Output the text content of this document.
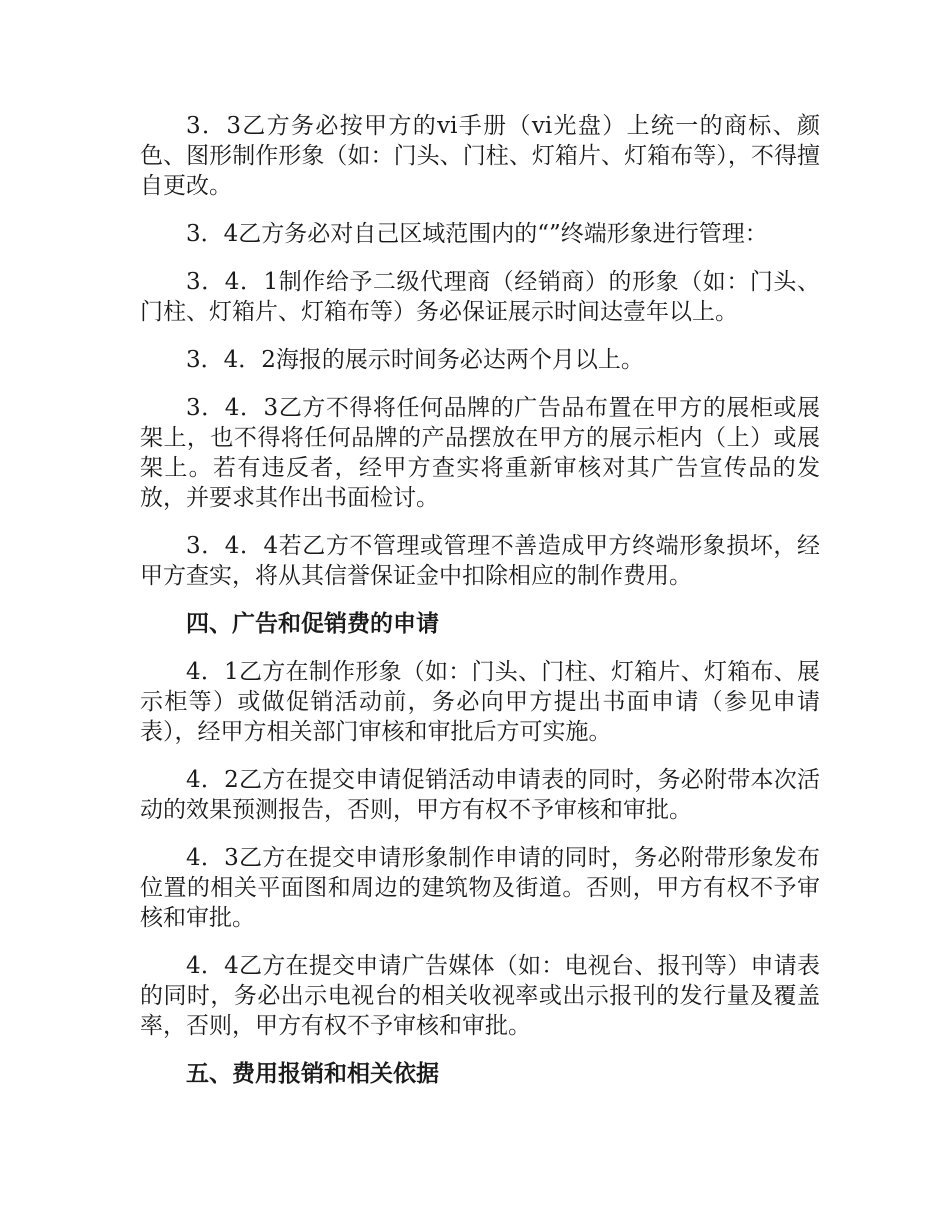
3．3乙方务必按甲方的vi手册（vi光盘）上统一的商标、颜色、图形制作形象（如：门头、门柱、灯箱片、灯箱布等），不得擅自更改。

3．4乙方务必对自己区域范围内的“”终端形象进行管理：

3．4．1制作给予二级代理商（经销商）的形象（如：门头、门柱、灯箱片、灯箱布等）务必保证展示时间达壹年以上。

3．4．2海报的展示时间务必达两个月以上。

3．4．3乙方不得将任何品牌的广告品布置在甲方的展柜或展架上，也不得将任何品牌的产品摆放在甲方的展示柜内（上）或展架上。若有违反者，经甲方查实将重新审核对其广告宣传品的发放，并要求其作出书面检讨。

3．4．4若乙方不管理或管理不善造成甲方终端形象损坏，经甲方查实，将从其信誉保证金中扣除相应的制作费用。

四、广告和促销费的申请

4．1乙方在制作形象（如：门头、门柱、灯箱片、灯箱布、展示柜等）或做促销活动前，务必向甲方提出书面申请（参见申请表），经甲方相关部门审核和审批后方可实施。

4．2乙方在提交申请促销活动申请表的同时，务必附带本次活动的效果预测报告，否则，甲方有权不予审核和审批。

4．3乙方在提交申请形象制作申请的同时，务必附带形象发布位置的相关平面图和周边的建筑物及街道。否则，甲方有权不予审核和审批。

4．4乙方在提交申请广告媒体（如：电视台、报刊等）申请表的同时，务必出示电视台的相关收视率或出示报刊的发行量及覆盖率，否则，甲方有权不予审核和审批。

五、费用报销和相关依据
